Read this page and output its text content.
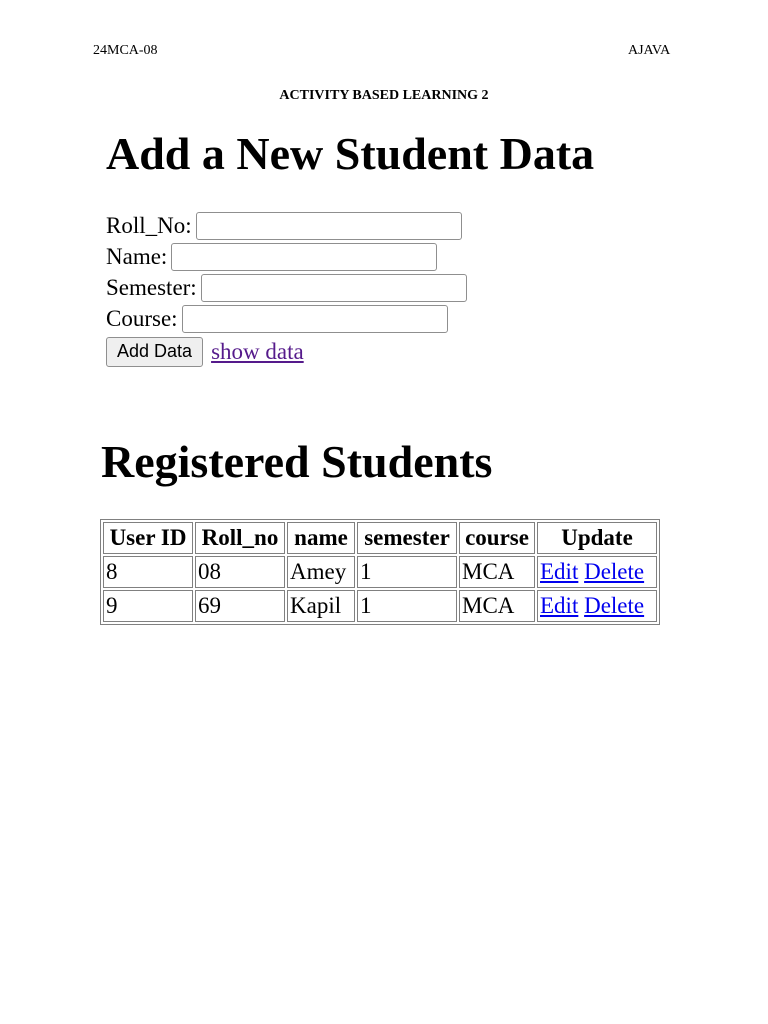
24MCA-08	AJAVA
ACTIVITY BASED LEARNING 2
Add a New Student Data
Roll_No:
Name:
Semester:
Course:
Add Data show data
Registered Students
User ID	Roll_no	name	semester	course	Update
8	08	Amey	1	MCA	Edit Delete
9	69	Kapil	1	MCA	Edit Delete
